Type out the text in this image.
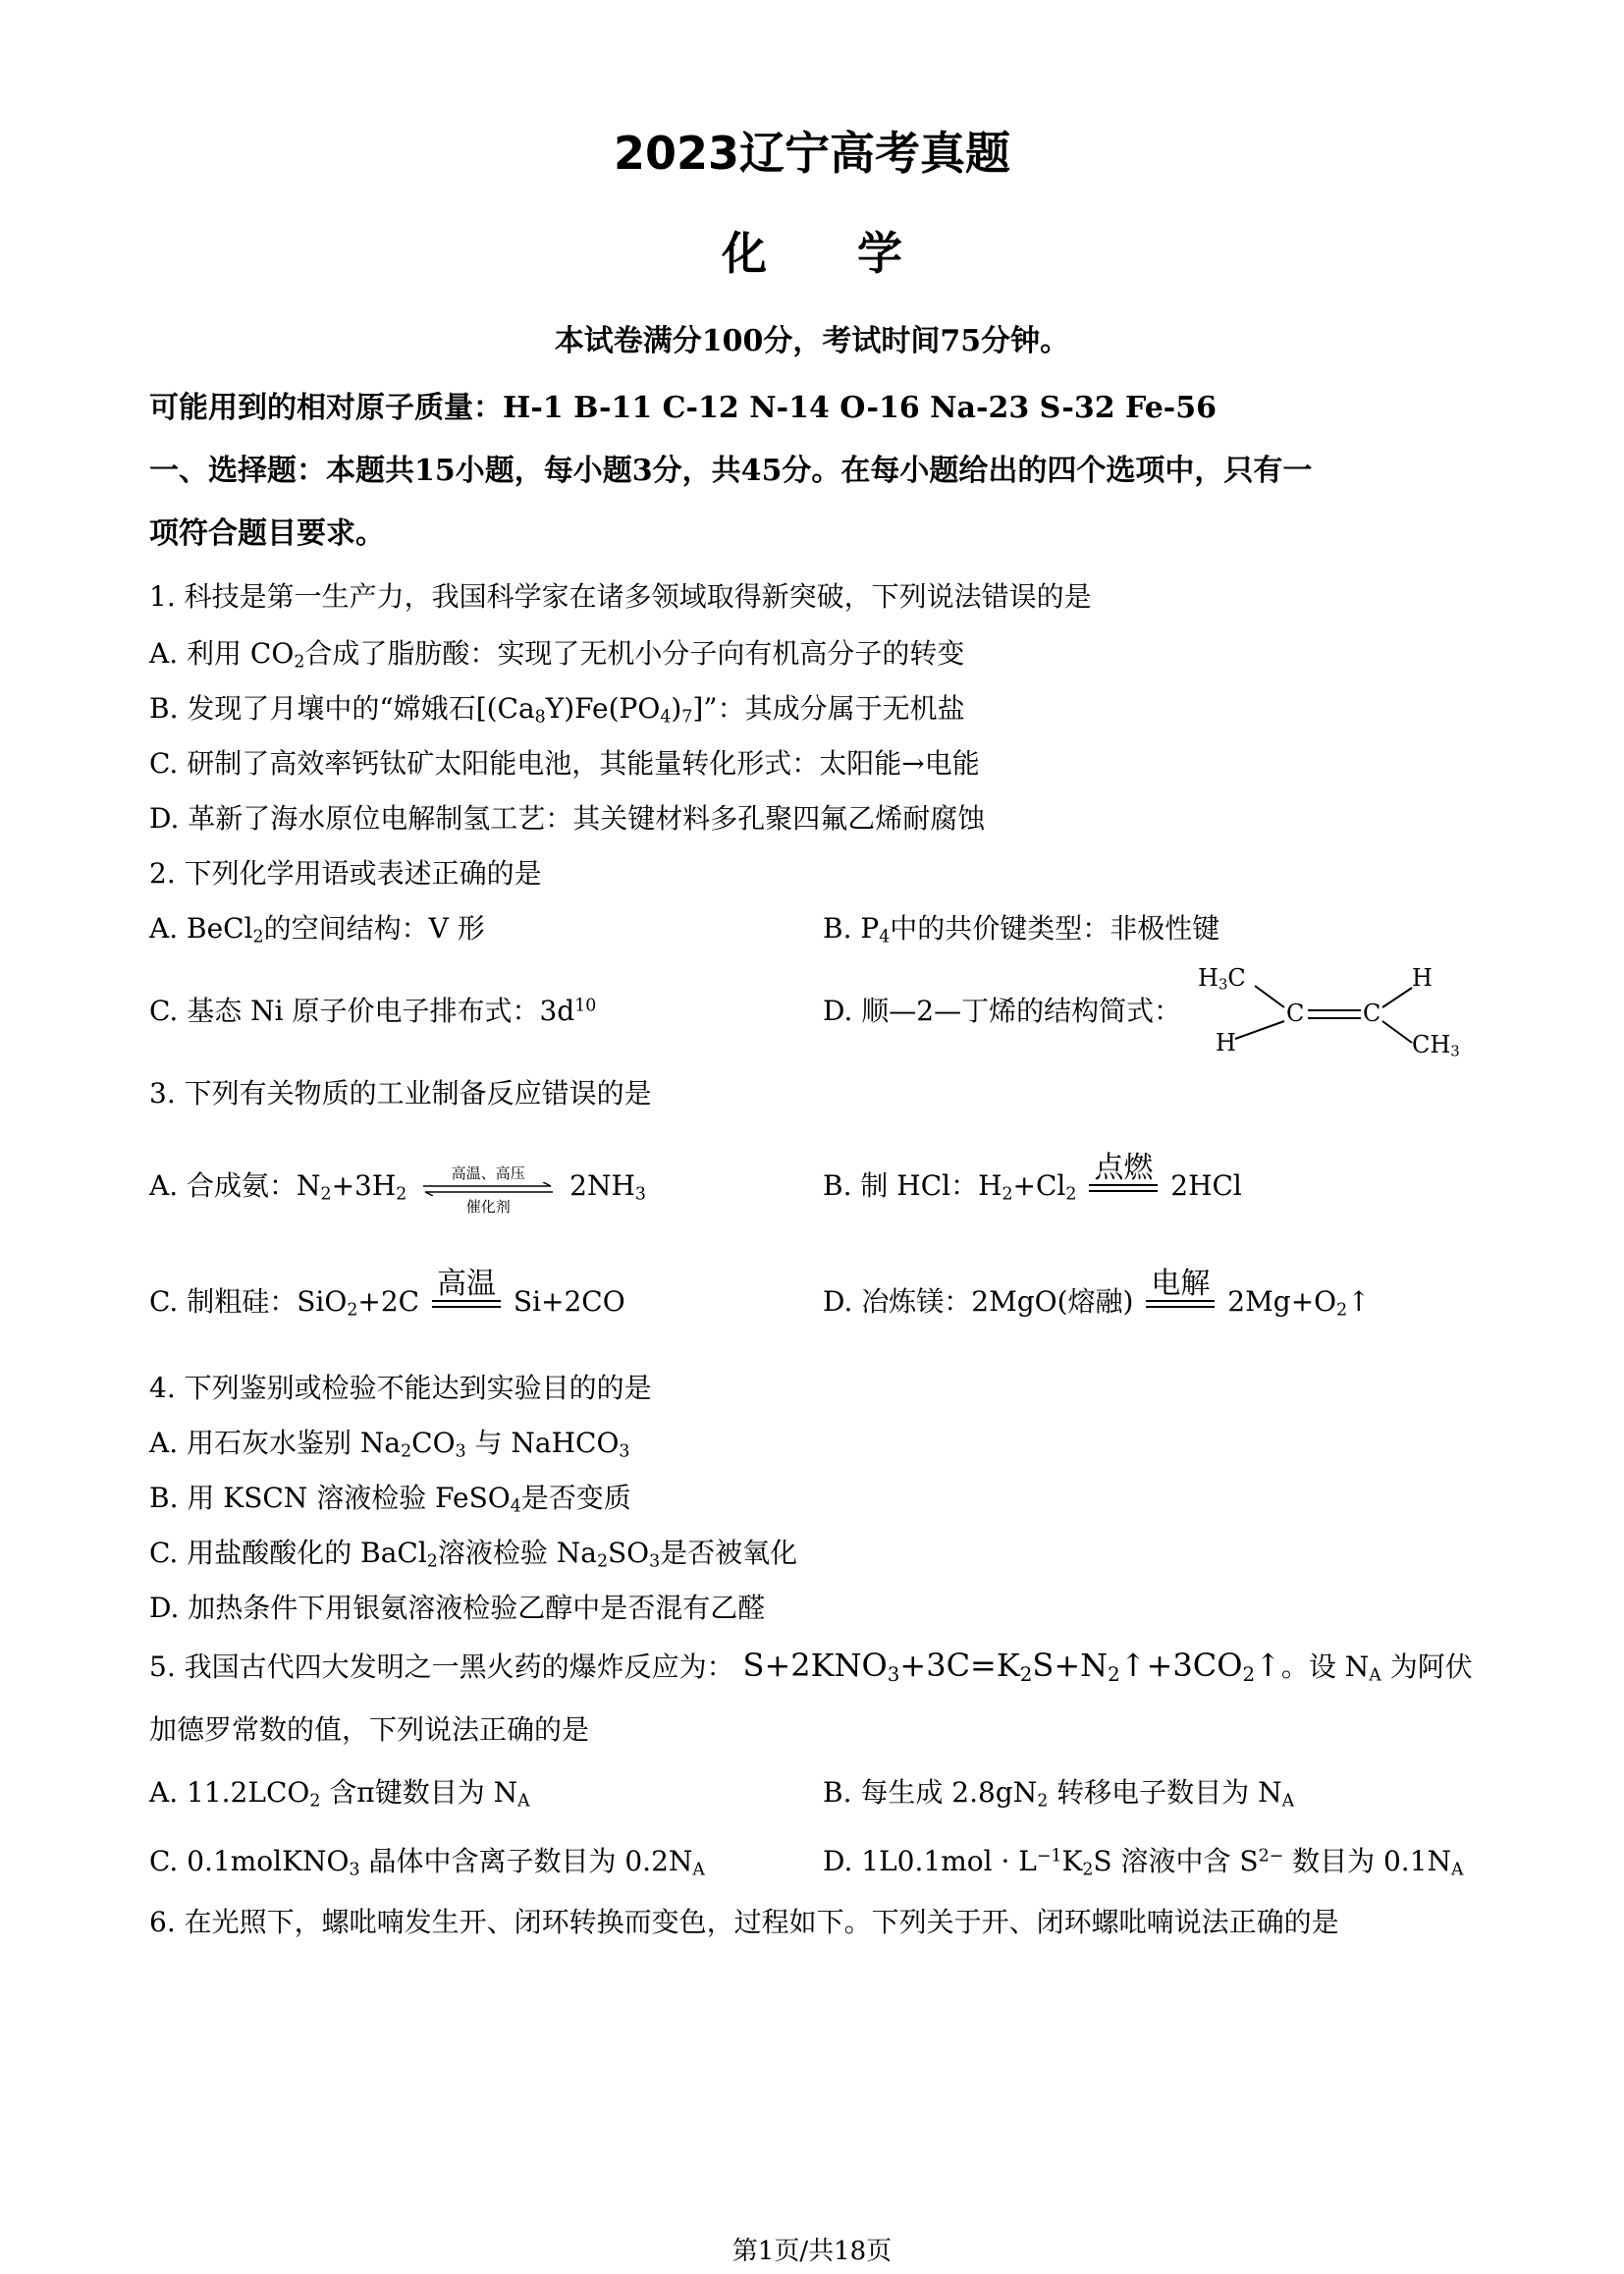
2023辽宁高考真题
化　　学
本试卷满分100分，考试时间75分钟。
可能用到的相对原子质量：H-1 B-11 C-12 N-14 O-16 Na-23 S-32 Fe-56
一、选择题：本题共15小题，每小题3分，共45分。在每小题给出的四个选项中，只有一
项符合题目要求。
1. 科技是第一生产力，我国科学家在诸多领域取得新突破，下列说法错误的是
A. 利用 $CO_2$合成了脂肪酸：实现了无机小分子向有机高分子的转变
B. 发现了月壤中的“嫦娥石$[(Ca_8Y)Fe(PO_4)_7]$”：其成分属于无机盐
C. 研制了高效率钙钛矿太阳能电池，其能量转化形式：太阳能→电能
D. 革新了海水原位电解制氢工艺：其关键材料多孔聚四氟乙烯耐腐蚀
2. 下列化学用语或表述正确的是
A. BeCl$_2$的空间结构：V 形	B. $P_4$中的共价键类型：非极性键
C. 基态 Ni 原子价电子排布式：$3d^{10}$	D. 顺—2—丁烯的结构简式：
$H_3C$
C C
H
H
$CH_3$
3. 下列有关物质的工业制备反应错误的是
A. 合成氨：$N_2+3H_2$
高温、高压
催化剂
$2NH_3$	B. 制 HCl：$H_2+Cl_2$
点燃
2HCl
C. 制粗硅：SiO$_2$+2C
高温
Si+2CO	D. 冶炼镁：2MgO(熔融)
电解
$2Mg+O_2↑$
4. 下列鉴别或检验不能达到实验目的的是
A. 用石灰水鉴别 $Na_2CO_3$ 与 NaHCO$_3$
B. 用 KSCN 溶液检验 FeSO$_4$是否变质
C. 用盐酸酸化的 BaCl$_2$溶液检验 $Na_2SO_3$是否被氧化
D. 加热条件下用银氨溶液检验乙醇中是否混有乙醛
5. 我国古代四大发明之一黑火药的爆炸反应为： $S+2KNO_3+3C=K_2S+N_2↑+3CO_2↑$。设 $N_A$ 为阿伏
加德罗常数的值，下列说法正确的是
A. $11.2LCO_2$ 含π键数目为 $N_A$	B. 每生成 $2.8gN_2$ 转移电子数目为 $N_A$
C. 0.1molKNO$_3$ 晶体中含离子数目为 $0.2N_A$	D. $1L0.1mol \cdot L^{-1}K_2S$ 溶液中含 $S^{2-}$ 数目为 $0.1N_A$
6. 在光照下，螺吡喃发生开、闭环转换而变色，过程如下。下列关于开、闭环螺吡喃说法正确的是
第1页/共18页
